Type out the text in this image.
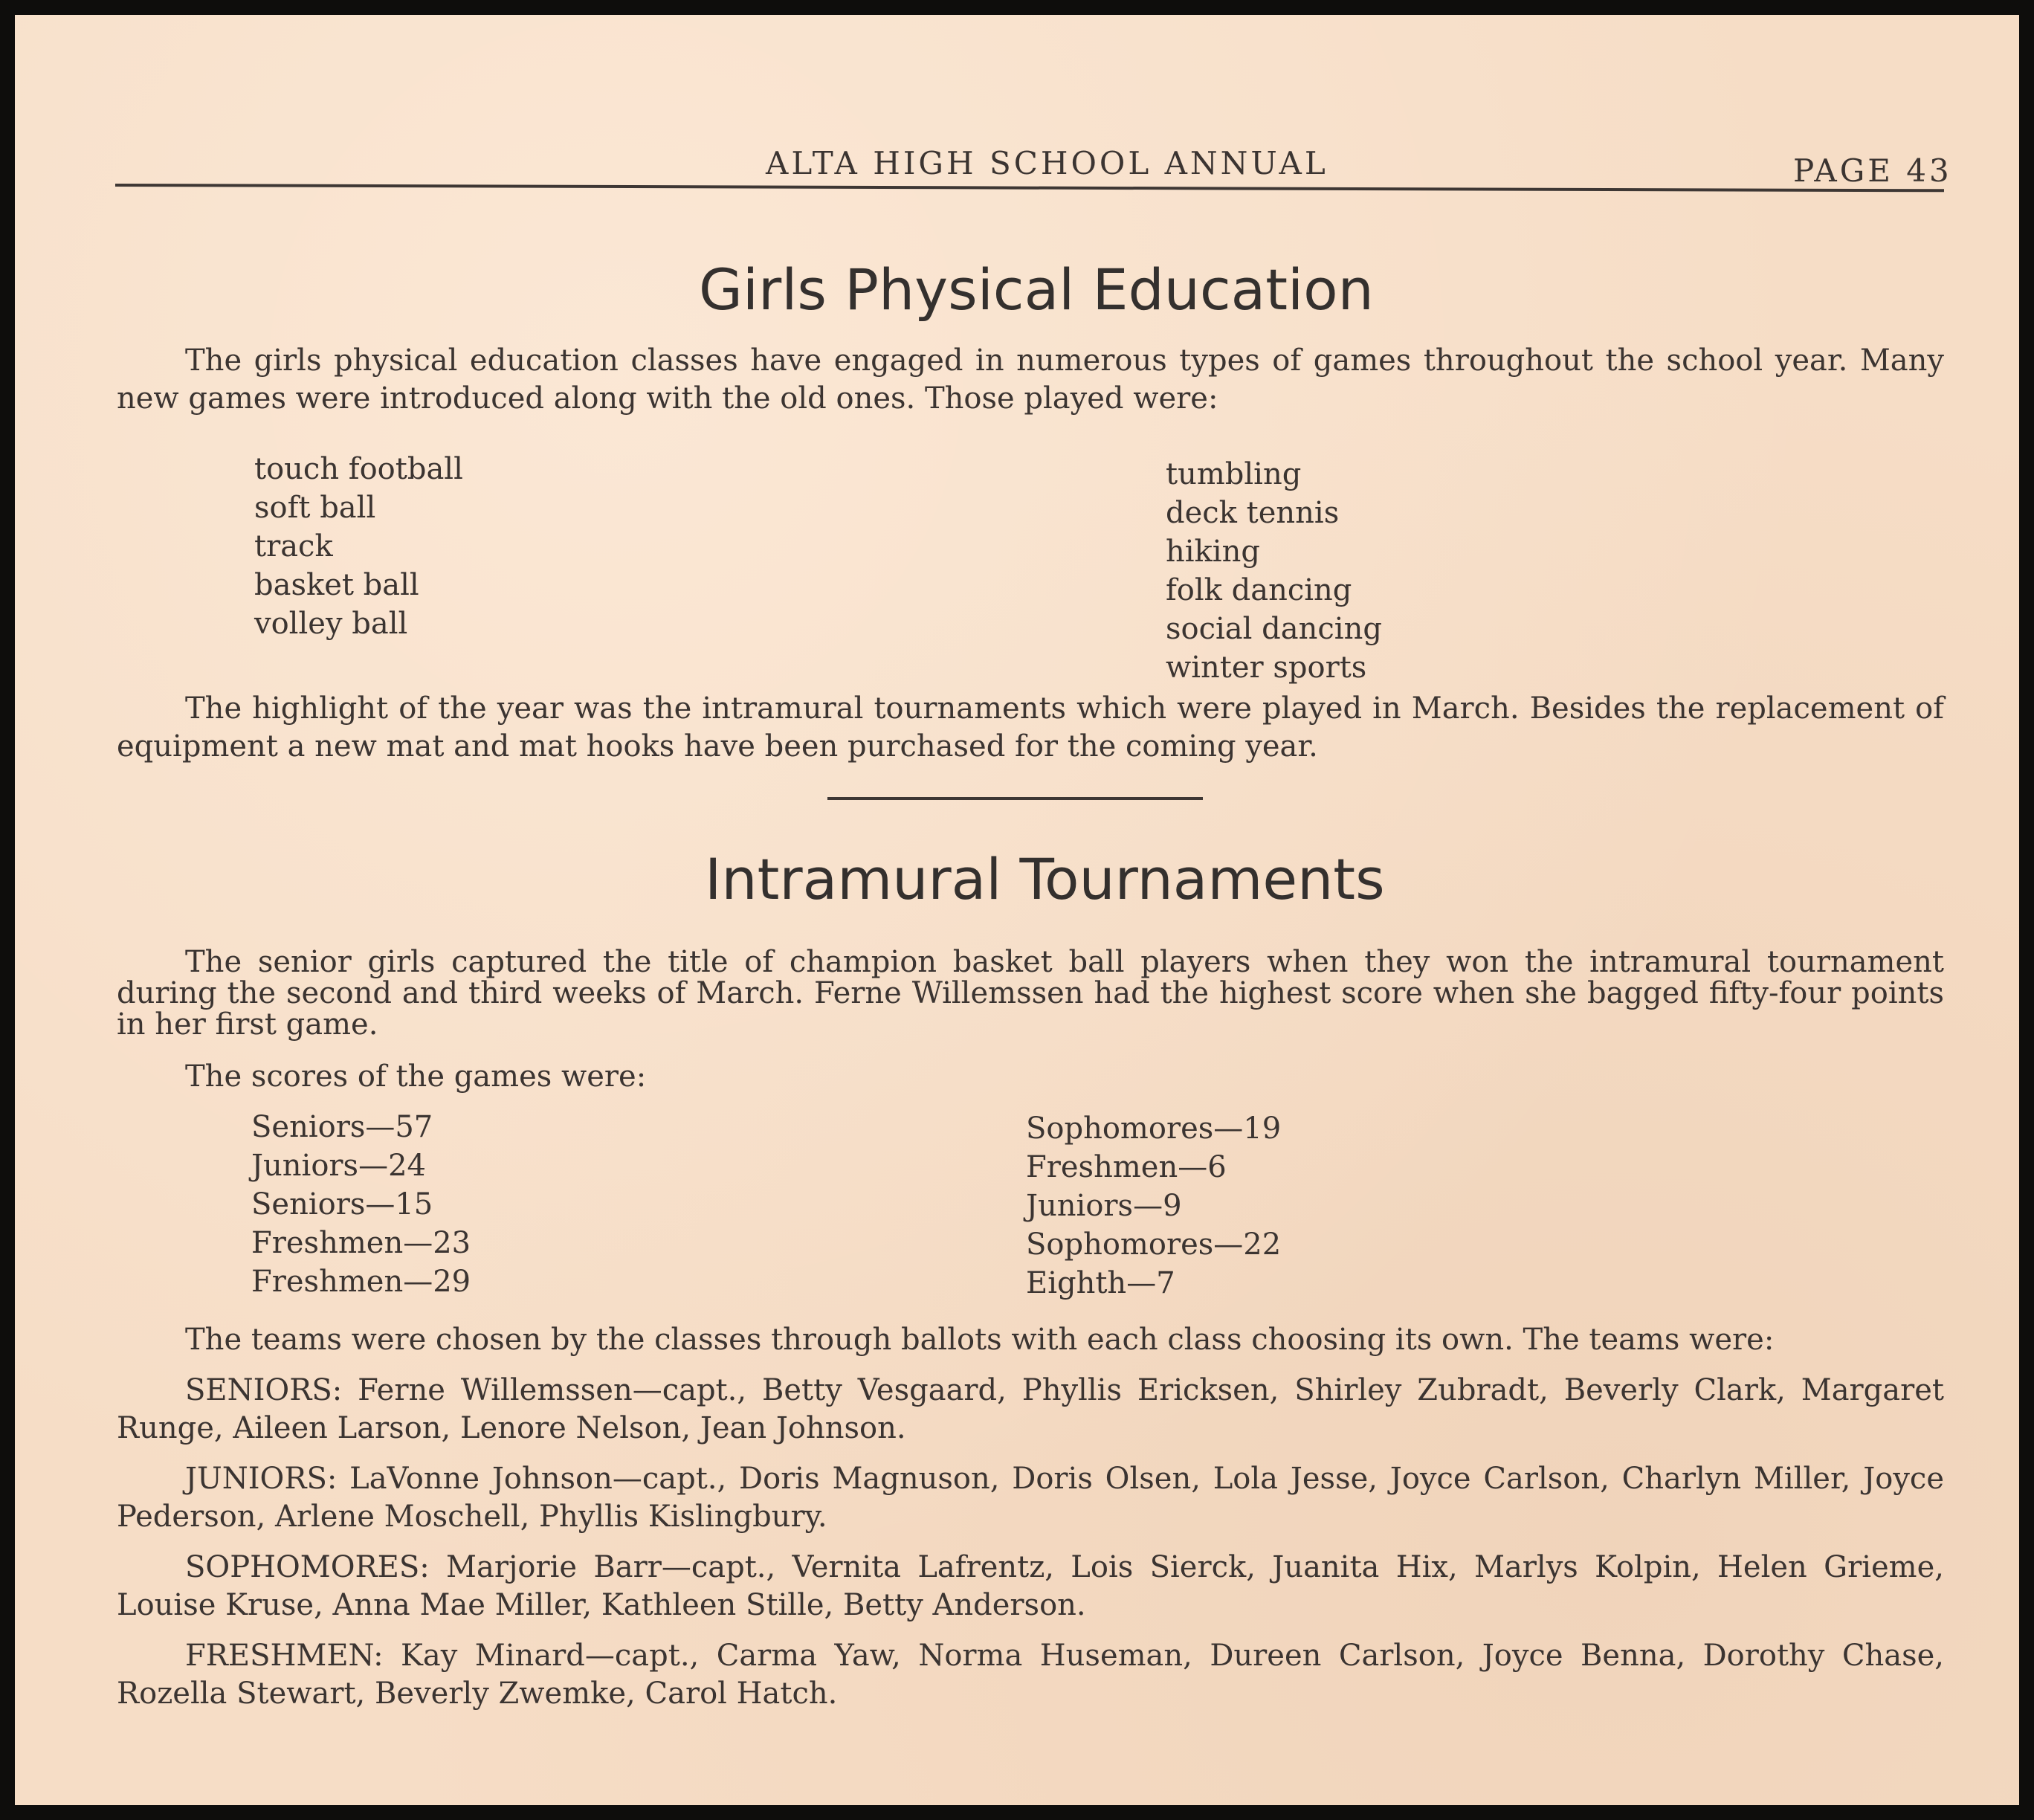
ALTA HIGH SCHOOL ANNUAL	PAGE 43
Girls Physical Education

The girls physical education classes have engaged in numerous types of games throughout the school year. Many new games were introduced along with the old ones. Those played were:

touch football
soft ball
track
basket ball
volley ball
tumbling
deck tennis
hiking
folk dancing
social dancing
winter sports

The highlight of the year was the intramural tournaments which were played in March. Besides the replacement of equipment a new mat and mat hooks have been purchased for the coming year.

Intramural Tournaments

The senior girls captured the title of champion basket ball players when they won the intramural tournament during the second and third weeks of March. Ferne Willemssen had the highest score when she bagged fifty-four points in her first game.

The scores of the games were:

Seniors—57
Juniors—24
Seniors—15
Freshmen—23
Freshmen—29
Sophomores—19
Freshmen—6
Juniors—9
Sophomores—22
Eighth—7

The teams were chosen by the classes through ballots with each class choosing its own. The teams were:

SENIORS: Ferne Willemssen—capt., Betty Vesgaard, Phyllis Ericksen, Shirley Zubradt, Beverly Clark, Margaret Runge, Aileen Larson, Lenore Nelson, Jean Johnson.

JUNIORS: LaVonne Johnson—capt., Doris Magnuson, Doris Olsen, Lola Jesse, Joyce Carlson, Charlyn Miller, Joyce Pederson, Arlene Moschell, Phyllis Kislingbury.

SOPHOMORES: Marjorie Barr—capt., Vernita Lafrentz, Lois Sierck, Juanita Hix, Marlys Kolpin, Helen Grieme, Louise Kruse, Anna Mae Miller, Kathleen Stille, Betty Anderson.

FRESHMEN: Kay Minard—capt., Carma Yaw, Norma Huseman, Dureen Carlson, Joyce Benna, Dorothy Chase, Rozella Stewart, Beverly Zwemke, Carol Hatch.
